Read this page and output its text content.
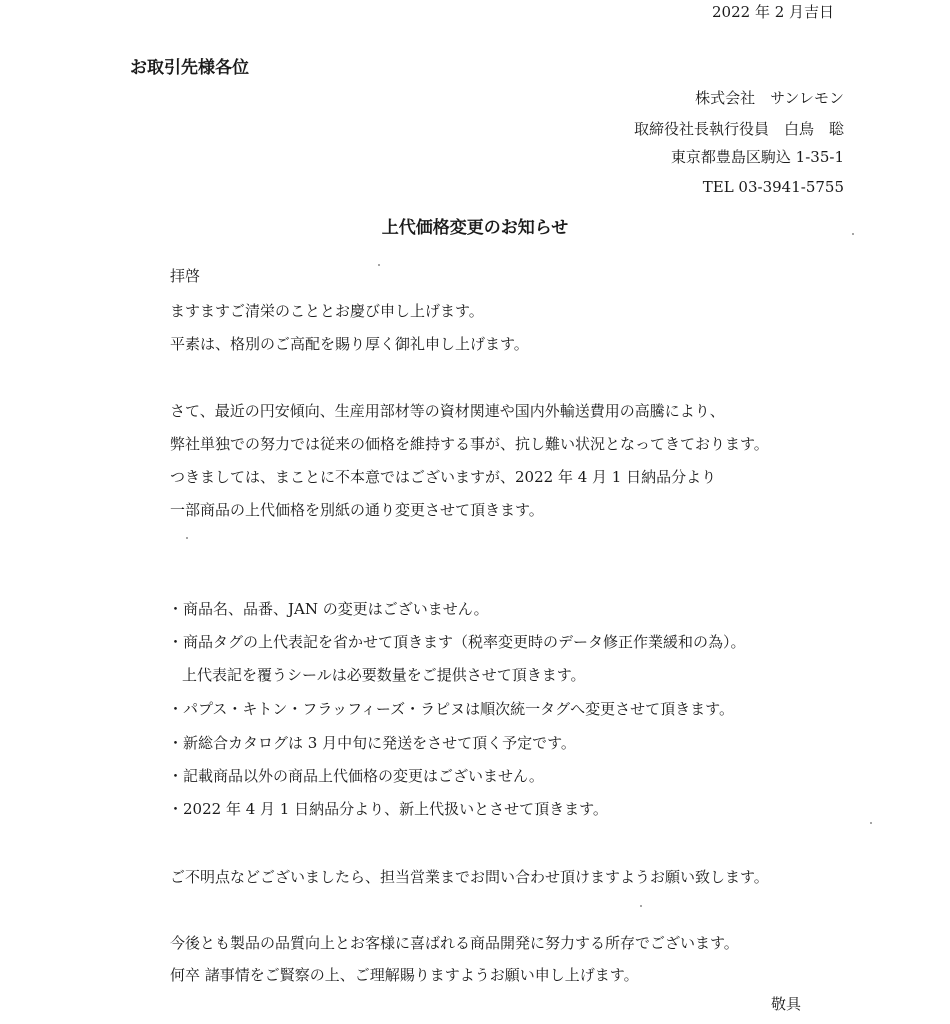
2022 年 2 月吉日
お取引先様各位
株式会社　サンレモン
取締役社長執行役員　白鳥　聡
東京都豊島区駒込 1-35-1
TEL 03-3941-5755
上代価格変更のお知らせ
拝啓
ますますご清栄のこととお慶び申し上げます。
平素は、格別のご高配を賜り厚く御礼申し上げます。
さて、最近の円安傾向、生産用部材等の資材関連や国内外輸送費用の高騰により、
弊社単独での努力では従来の価格を維持する事が、抗し難い状況となってきております。
つきましては、まことに不本意ではございますが、2022 年 4 月 1 日納品分より
一部商品の上代価格を別紙の通り変更させて頂きます。
・商品名、品番、JAN の変更はございません。
・商品タグの上代表記を省かせて頂きます（税率変更時のデータ修正作業緩和の為）。
上代表記を覆うシールは必要数量をご提供させて頂きます。
・パプス・キトン・フラッフィーズ・ラピヌは順次統一タグへ変更させて頂きます。
・新総合カタログは 3 月中旬に発送をさせて頂く予定です。
・記載商品以外の商品上代価格の変更はございません。
・2022 年 4 月 1 日納品分より、新上代扱いとさせて頂きます。
ご不明点などございましたら、担当営業までお問い合わせ頂けますようお願い致します。
今後とも製品の品質向上とお客様に喜ばれる商品開発に努力する所存でございます。
何卒 諸事情をご賢察の上、ご理解賜りますようお願い申し上げます。
敬具
